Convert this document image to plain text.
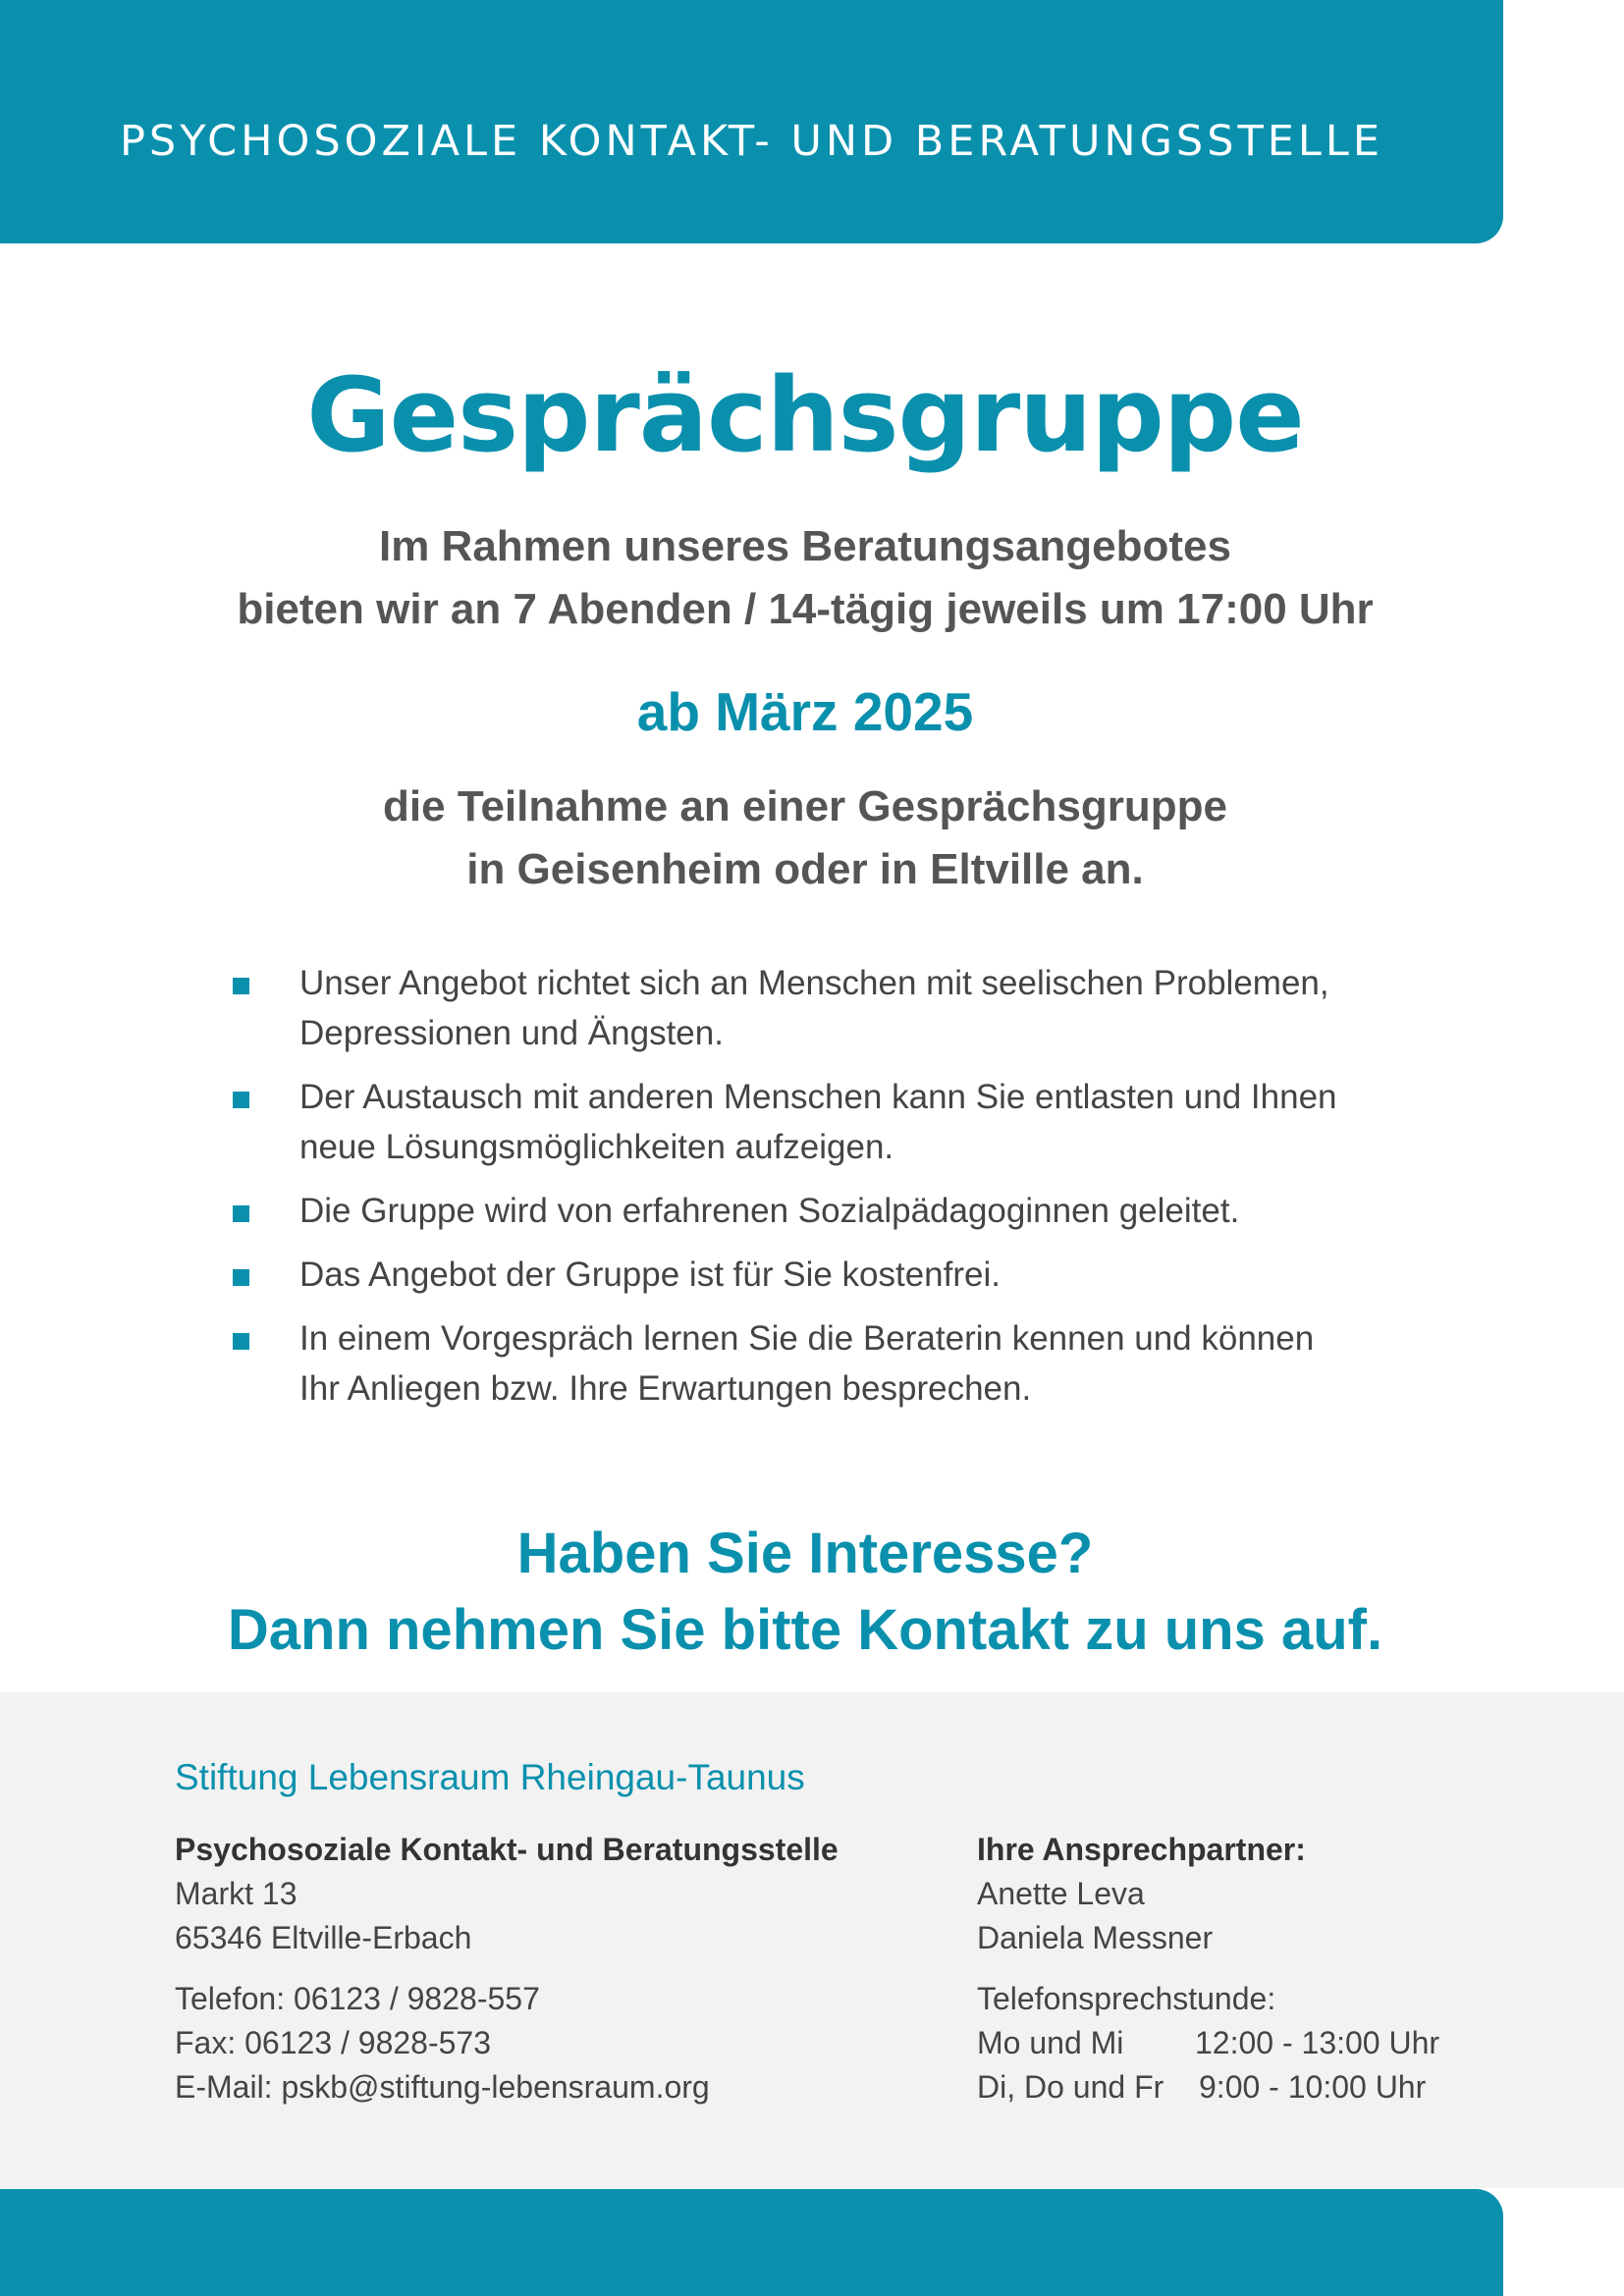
PSYCHOSOZIALE KONTAKT- UND BERATUNGSSTELLE
Gesprächsgruppe
Im Rahmen unseres Beratungsangebotes
bieten wir an 7 Abenden / 14-tägig jeweils um 17:00 Uhr
ab März 2025
die Teilnahme an einer Gesprächsgruppe
in Geisenheim oder in Eltville an.
Unser Angebot richtet sich an Menschen mit seelischen Problemen,
Depressionen und Ängsten.
Der Austausch mit anderen Menschen kann Sie entlasten und Ihnen
neue Lösungsmöglichkeiten aufzeigen.
Die Gruppe wird von erfahrenen Sozialpädagoginnen geleitet.
Das Angebot der Gruppe ist für Sie kostenfrei.
In einem Vorgespräch lernen Sie die Beraterin kennen und können
Ihr Anliegen bzw. Ihre Erwartungen besprechen.
Haben Sie Interesse?
Dann nehmen Sie bitte Kontakt zu uns auf.
Stiftung Lebensraum Rheingau-Taunus
Psychosoziale Kontakt- und Beratungsstelle
Markt 13
65346 Eltville-Erbach
Telefon: 06123 / 9828-557
Fax: 06123 / 9828-573
E-Mail: pskb@stiftung-lebensraum.org
Ihre Ansprechpartner:
Anette Leva
Daniela Messner
Telefonsprechstunde:
Mo und Mi	12:00 - 13:00 Uhr
Di, Do und Fr	9:00 - 10:00 Uhr
